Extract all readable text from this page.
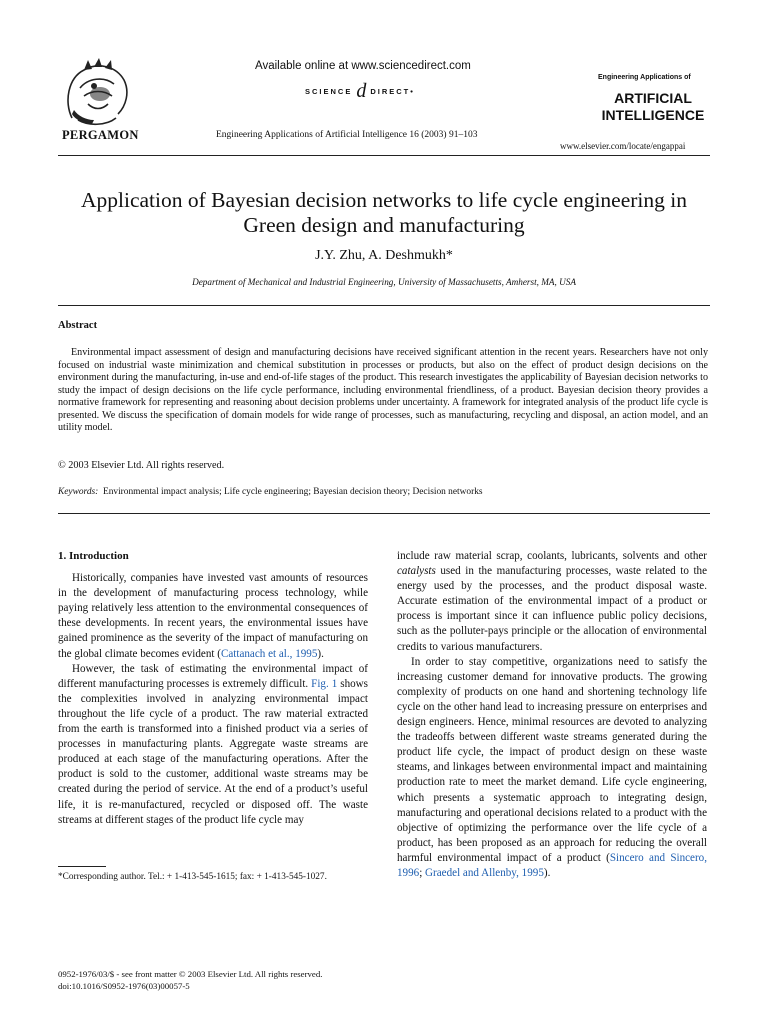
PERGAMON
Available online at www.sciencedirect.com
SCIENCE d DIRECT•
Engineering Applications of Artificial Intelligence 16 (2003) 91–103
Engineering Applications of
ARTIFICIAL
INTELLIGENCE
www.elsevier.com/locate/engappai
Application of Bayesian decision networks to life cycle engineering in
Green design and manufacturing
J.Y. Zhu, A. Deshmukh*
Department of Mechanical and Industrial Engineering, University of Massachusetts, Amherst, MA, USA
Abstract

Environmental impact assessment of design and manufacturing decisions have received significant attention in the recent years. Researchers have not only focused on industrial waste minimization and chemical substitution in processes or products, but also on the effect of product design decisions on the environment during the manufacturing, in-use and end-of-life stages of the product. This research investigates the applicability of Bayesian decision networks to study the impact of design decisions on the life cycle performance, including environmental friendliness, of a product. Bayesian decision theory provides a normative framework for representing and reasoning about decision problems under uncertainty. A framework for integrated analysis of the product life cycle is presented. We discuss the specification of domain models for wide range of processes, such as manufacturing, recycling and disposal, an action model, and an utility model.

© 2003 Elsevier Ltd. All rights reserved.
Keywords: Environmental impact analysis; Life cycle engineering; Bayesian decision theory; Decision networks
1. Introduction

Historically, companies have invested vast amounts of resources in the development of manufacturing process technology, while paying relatively less attention to the environmental consequences of these developments. In recent years, the environmental issues have gained prominence as the severity of the impact of manufacturing on the global climate becomes evident (Cattanach et al., 1995).

However, the task of estimating the environmental impact of different manufacturing processes is extremely difficult. Fig. 1 shows the complexities involved in analyzing environmental impact throughout the life cycle of a product. The raw material extracted from the earth is transformed into a finished product via a series of processes in manufacturing plants. Aggregate waste streams are produced at each stage of the manufacturing operations. After the product is sold to the customer, additional waste streams may be created during the period of service. At the end of a product’s useful life, it is re-manufactured, recycled or disposed off. The waste streams at different stages of the product life cycle may

*Corresponding author. Tel.: + 1-413-545-1615; fax: + 1-413-545-1027.
0952-1976/03/$ - see front matter © 2003 Elsevier Ltd. All rights reserved.
doi:10.1016/S0952-1976(03)00057-5

include raw material scrap, coolants, lubricants, solvents and other catalysts used in the manufacturing processes, waste related to the energy used by the processes, and the product disposal waste. Accurate estimation of the environmental impact of a product or process is important since it can influence public policy decisions, such as the polluter-pays principle or the allocation of environmental credits to various manufacturers.

In order to stay competitive, organizations need to satisfy the increasing customer demand for innovative products. The growing complexity of products on one hand and shortening technology life cycle on the other hand lead to increasing pressure on enterprises and design engineers. Hence, minimal resources are devoted to analyzing the tradeoffs between different waste streams generated during the product life cycle, the impact of product design on these waste steams, and linkages between environmental impact and maintaining production rate to meet the market demand. Life cycle engineering, which presents a systematic approach to integrating design, manufacturing and operational decisions related to a product with the objective of optimizing the performance over the life cycle of a product, has been proposed as an approach for reducing the overall harmful environmental impact of a product (Sincero and Sincero, 1996; Graedel and Allenby, 1995).
